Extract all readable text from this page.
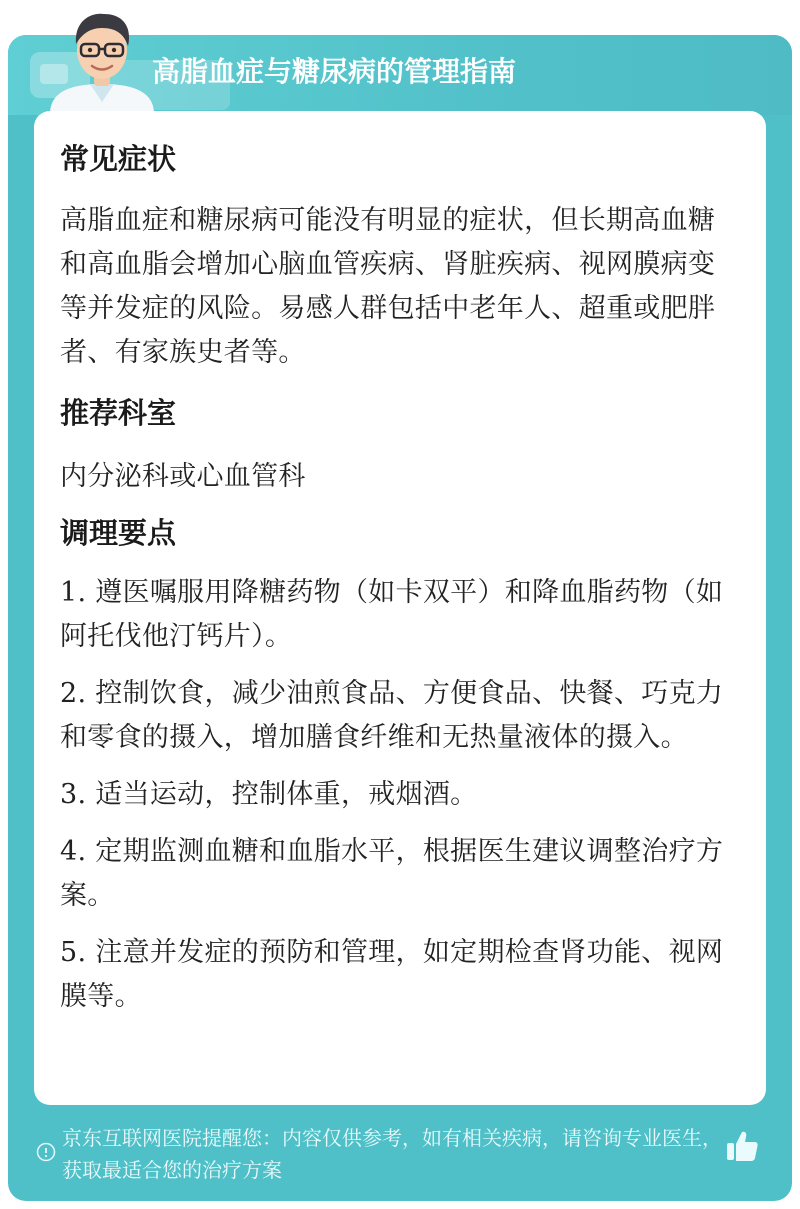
高脂血症与糖尿病的管理指南
常见症状
高脂血症和糖尿病可能没有明显的症状，但长期高血糖和高血脂会增加心脑血管疾病、肾脏疾病、视网膜病变等并发症的风险。易感人群包括中老年人、超重或肥胖者、有家族史者等。
推荐科室
内分泌科或心血管科
调理要点
1. 遵医嘱服用降糖药物（如卡双平）和降血脂药物（如阿托伐他汀钙片）。
2. 控制饮食，减少油煎食品、方便食品、快餐、巧克力和零食的摄入，增加膳食纤维和无热量液体的摄入。
3. 适当运动，控制体重，戒烟酒。
4. 定期监测血糖和血脂水平，根据医生建议调整治疗方案。
5. 注意并发症的预防和管理，如定期检查肾功能、视网膜等。
京东互联网医院提醒您：内容仅供参考，如有相关疾病，请咨询专业医生，获取最适合您的治疗方案
